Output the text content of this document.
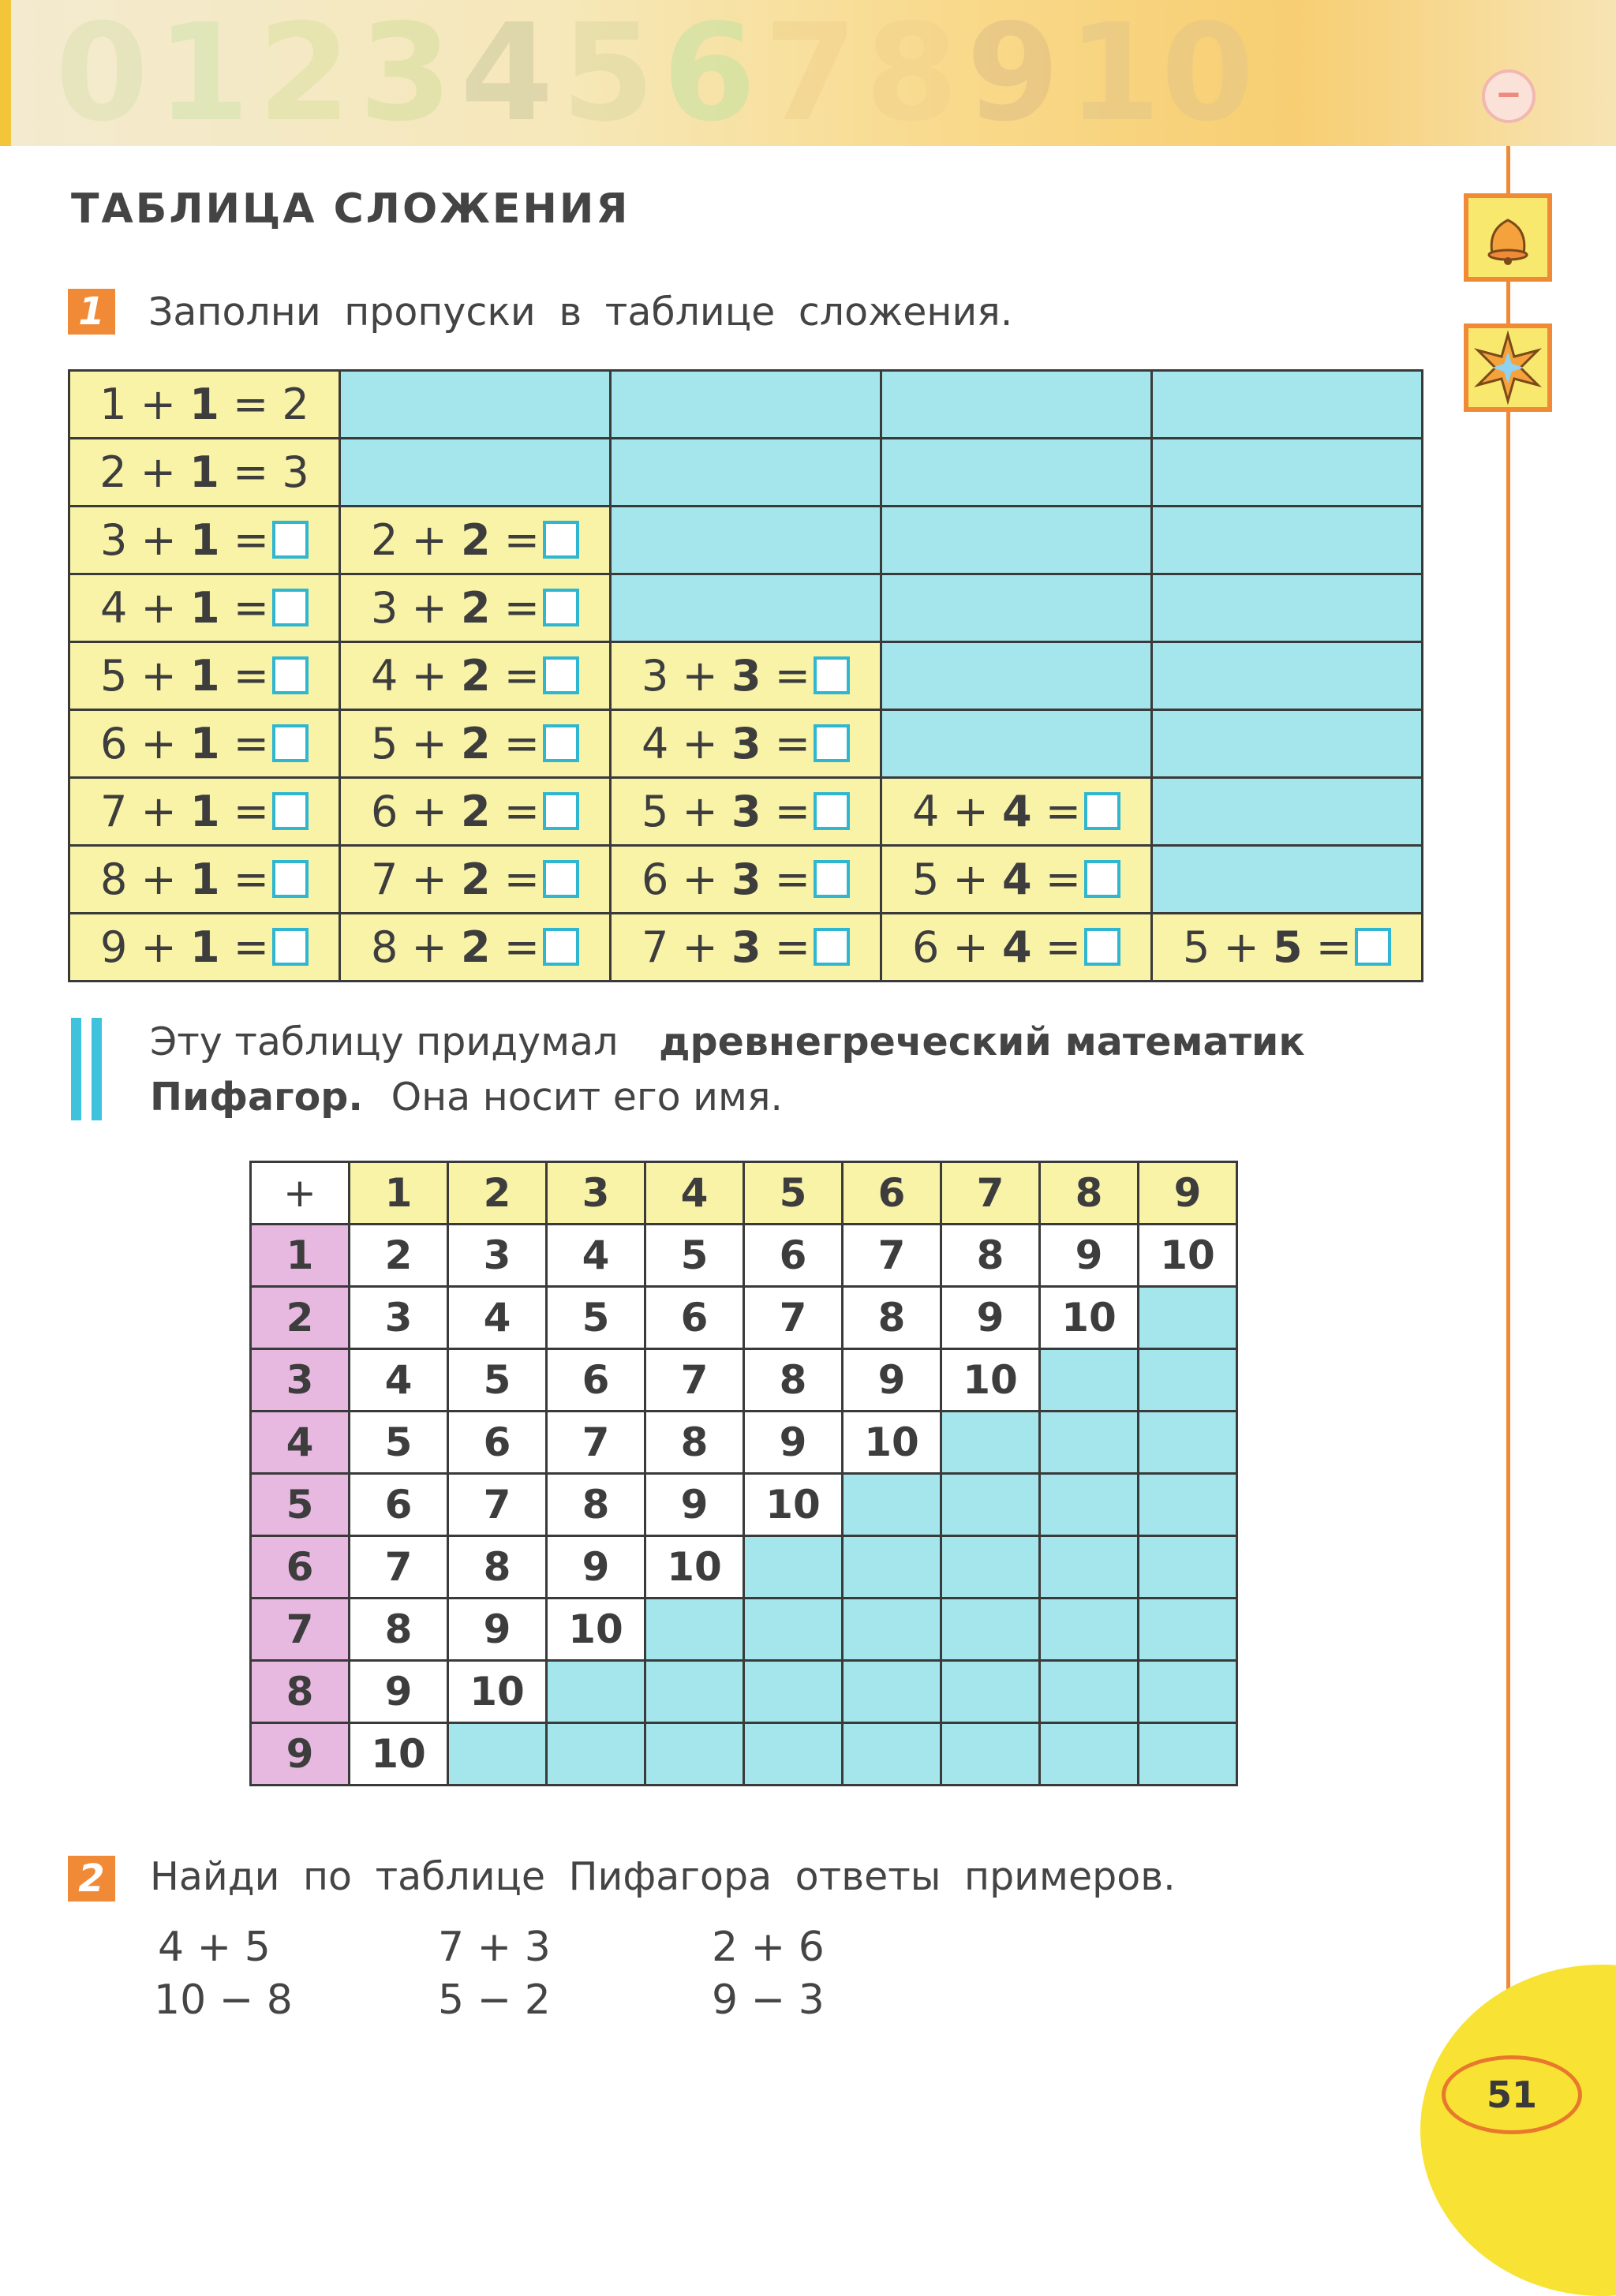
0 1 2 3 4 5 6 7 8 9 10	−
ТАБЛИЦА СЛОЖЕНИЯ
1 Заполни пропуски в таблице сложения.
1 + 1 = 2				
2 + 1 = 3				
3 + 1 =	2 + 2 =			
4 + 1 =	3 + 2 =			
5 + 1 =	4 + 2 =	3 + 3 =		
6 + 1 =	5 + 2 =	4 + 3 =		
7 + 1 =	6 + 2 =	5 + 3 =	4 + 4 =	
8 + 1 =	7 + 2 =	6 + 3 =	5 + 4 =	
9 + 1 =	8 + 2 =	7 + 3 =	6 + 4 =	5 + 5 =
Эту таблицу придумал древнегреческий математик
Пифагор. Она носит его имя.
+	1	2	3	4	5	6	7	8	9
1	2	3	4	5	6	7	8	9	10
2	3	4	5	6	7	8	9	10	
3	4	5	6	7	8	9	10		
4	5	6	7	8	9	10			
5	6	7	8	9	10				
6	7	8	9	10					
7	8	9	10						
8	9	10							
9	10								
2 Найди по таблице Пифагора ответы примеров.
4 + 5	7 + 3	2 + 6
10 − 8	5 − 2	9 − 3
51
